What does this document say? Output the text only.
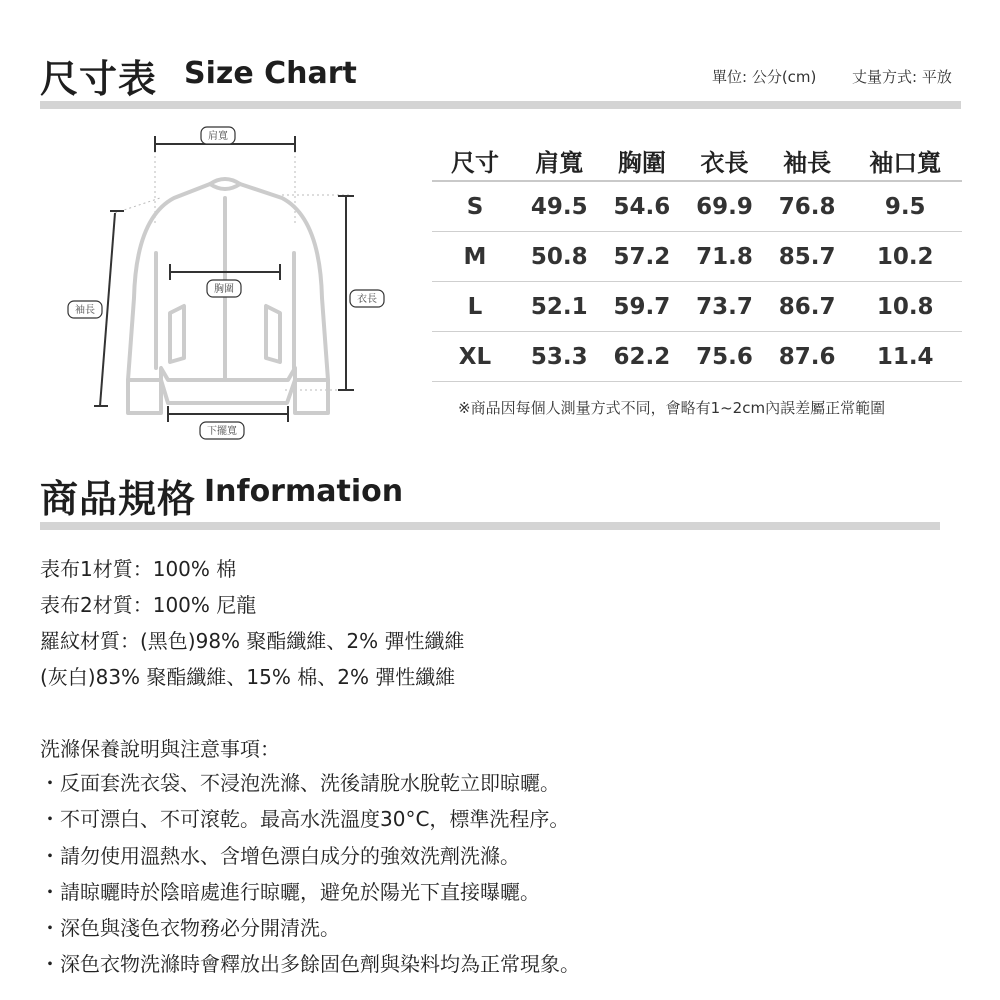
尺寸表 Size Chart	單位: 公分(cm) 丈量方式: 平放
肩寬
胸圍
袖長
衣長
下擺寬
尺寸	肩寬	胸圍	衣長	袖長	袖口寬
S	49.5	54.6	69.9	76.8	9.5
M	50.8	57.2	71.8	85.7	10.2
L	52.1	59.7	73.7	86.7	10.8
XL	53.3	62.2	75.6	87.6	11.4
※商品因每個人測量方式不同，會略有1~2cm內誤差屬正常範圍
商品規格 Information
表布1材質：100% 棉
表布2材質：100% 尼龍
羅紋材質：(黑色)98% 聚酯纖維、2% 彈性纖維
(灰白)83% 聚酯纖維、15% 棉、2% 彈性纖維
洗滌保養說明與注意事項：
・反面套洗衣袋、不浸泡洗滌、洗後請脫水脫乾立即晾曬。
・不可漂白、不可滾乾。最高水洗溫度30°C，標準洗程序。
・請勿使用溫熱水、含增色漂白成分的強效洗劑洗滌。
・請晾曬時於陰暗處進行晾曬，避免於陽光下直接曝曬。
・深色與淺色衣物務必分開清洗。
・深色衣物洗滌時會釋放出多餘固色劑與染料均為正常現象。
